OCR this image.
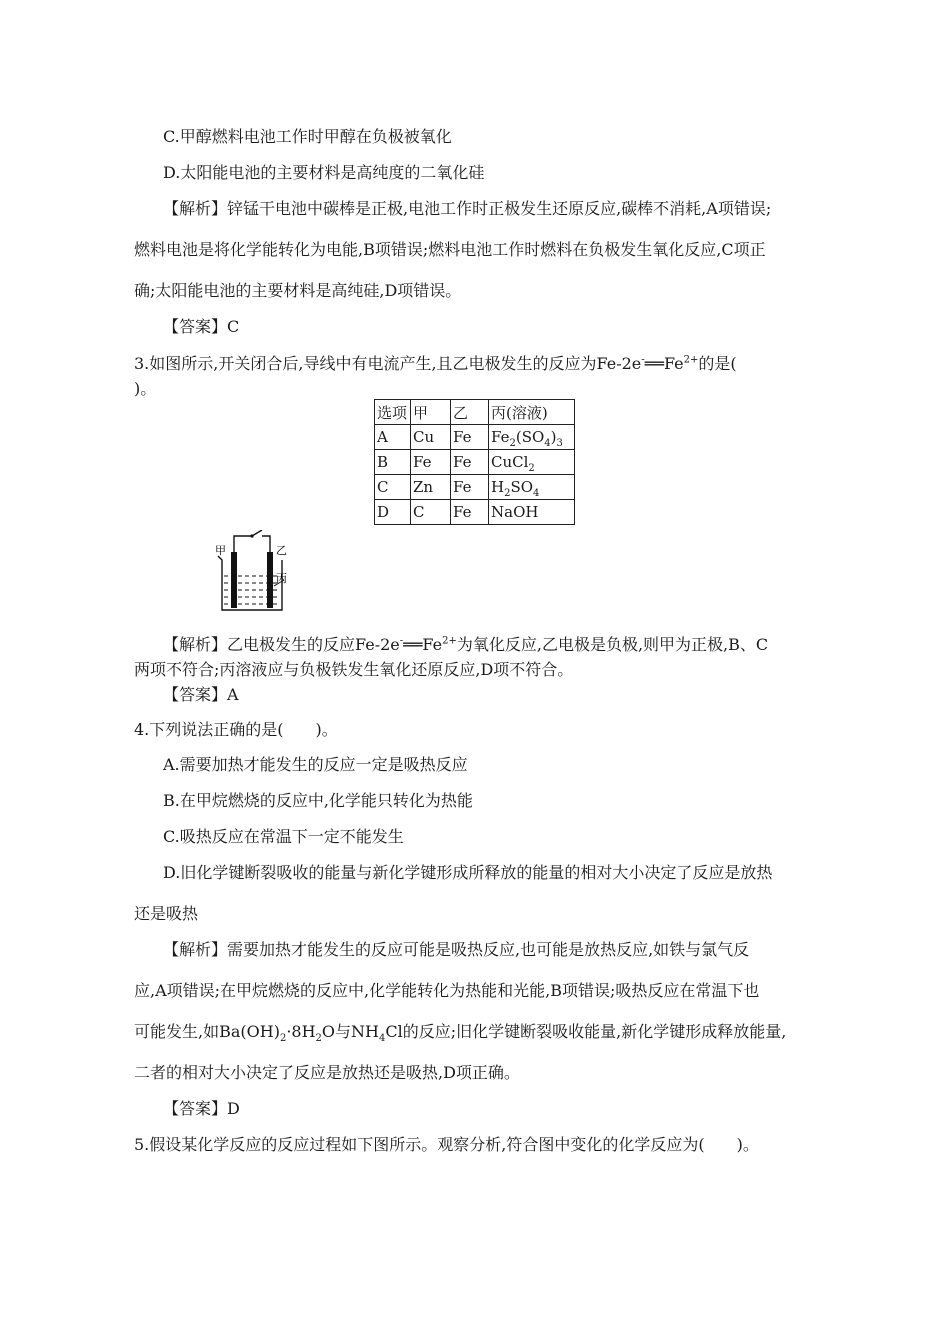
C.甲醇燃料电池工作时甲醇在负极被氧化
D.太阳能电池的主要材料是高纯度的二氧化硅
【解析】锌锰干电池中碳棒是正极,电池工作时正极发生还原反应,碳棒不消耗,A项错误;
燃料电池是将化学能转化为电能,B项错误;燃料电池工作时燃料在负极发生氧化反应,C项正
确;太阳能电池的主要材料是高纯硅,D项错误。
【答案】C
3.如图所示,开关闭合后,导线中有电流产生,且乙电极发生的反应为$Fe-2e^-══Fe^{2+}$的是(
)。
选项	甲	乙	丙(溶液)
A	Cu	Fe	$Fe_2(SO_4)_3$
B	Fe	Fe	CuCl$_2$
C	Zn	Fe	$H_2SO_4$
D	C	Fe	NaOH
甲	乙
丙
【解析】乙电极发生的反应$Fe-2e^-══Fe^{2+}$为氧化反应,乙电极是负极,则甲为正极,B、C
两项不符合;丙溶液应与负极铁发生氧化还原反应,D项不符合。
【答案】A
4.下列说法正确的是(　　)。
A.需要加热才能发生的反应一定是吸热反应
B.在甲烷燃烧的反应中,化学能只转化为热能
C.吸热反应在常温下一定不能发生
D.旧化学键断裂吸收的能量与新化学键形成所释放的能量的相对大小决定了反应是放热
还是吸热
【解析】需要加热才能发生的反应可能是吸热反应,也可能是放热反应,如铁与氯气反
应,A项错误;在甲烷燃烧的反应中,化学能转化为热能和光能,B项错误;吸热反应在常温下也
可能发生,如$Ba(OH)_2\cdot 8H_2O$与$NH_4Cl$的反应;旧化学键断裂吸收能量,新化学键形成释放能量,
二者的相对大小决定了反应是放热还是吸热,D项正确。
【答案】D
5.假设某化学反应的反应过程如下图所示。观察分析,符合图中变化的化学反应为(　　)。
